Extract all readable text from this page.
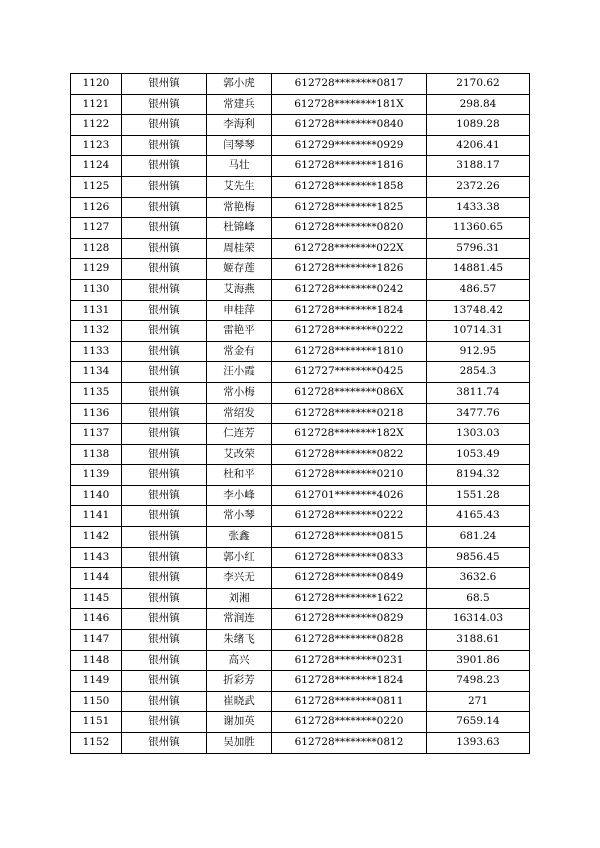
1120	银州镇	郭小虎	612728********0817	2170.62
1121	银州镇	常建兵	612728********181X	298.84
1122	银州镇	李海利	612728********0840	1089.28
1123	银州镇	闫琴琴	612729********0929	4206.41
1124	银州镇	马壮	612728********1816	3188.17
1125	银州镇	艾先生	612728********1858	2372.26
1126	银州镇	常艳梅	612728********1825	1433.38
1127	银州镇	杜锦峰	612728********0820	11360.65
1128	银州镇	周桂荣	612728********022X	5796.31
1129	银州镇	姬存莲	612728********1826	14881.45
1130	银州镇	艾海燕	612728********0242	486.57
1131	银州镇	申桂萍	612728********1824	13748.42
1132	银州镇	雷艳平	612728********0222	10714.31
1133	银州镇	常金有	612728********1810	912.95
1134	银州镇	汪小霞	612727********0425	2854.3
1135	银州镇	常小梅	612728********086X	3811.74
1136	银州镇	常绍发	612728********0218	3477.76
1137	银州镇	仁连芳	612728********182X	1303.03
1138	银州镇	艾改荣	612728********0822	1053.49
1139	银州镇	杜和平	612728********0210	8194.32
1140	银州镇	李小峰	612701********4026	1551.28
1141	银州镇	常小琴	612728********0222	4165.43
1142	银州镇	张鑫	612728********0815	681.24
1143	银州镇	郭小红	612728********0833	9856.45
1144	银州镇	李兴无	612728********0849	3632.6
1145	银州镇	刘湘	612728********1622	68.5
1146	银州镇	常润连	612728********0829	16314.03
1147	银州镇	朱绪飞	612728********0828	3188.61
1148	银州镇	高兴	612728********0231	3901.86
1149	银州镇	折彩芳	612728********1824	7498.23
1150	银州镇	崔晓武	612728********0811	271
1151	银州镇	谢加英	612728********0220	7659.14
1152	银州镇	吴加胜	612728********0812	1393.63
